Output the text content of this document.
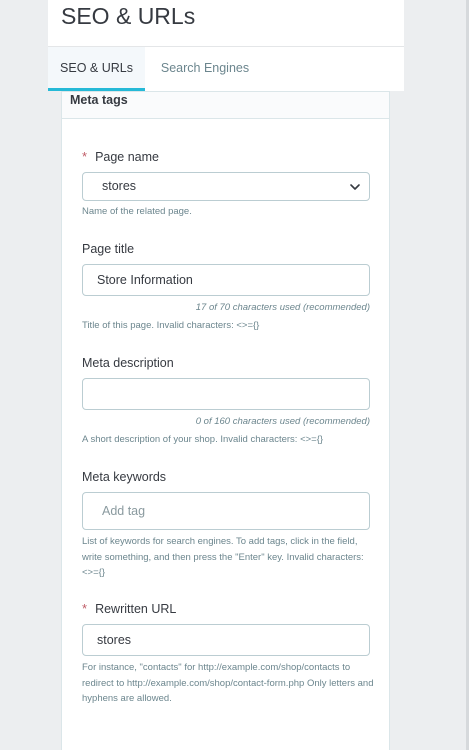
SEO & URLs
SEO & URLs	Search Engines
Meta tags
* Page name
stores
Name of the related page.
Page title
Store Information
17 of 70 characters used (recommended)
Title of this page. Invalid characters: <>={}
Meta description
0 of 160 characters used (recommended)
A short description of your shop. Invalid characters: <>={}
Meta keywords
Add tag
List of keywords for search engines. To add tags, click in the field, write something, and then press the "Enter" key. Invalid characters: <>={}
* Rewritten URL
stores
For instance, "contacts" for http://example.com/shop/contacts to redirect to http://example.com/shop/contact-form.php Only letters and hyphens are allowed.
